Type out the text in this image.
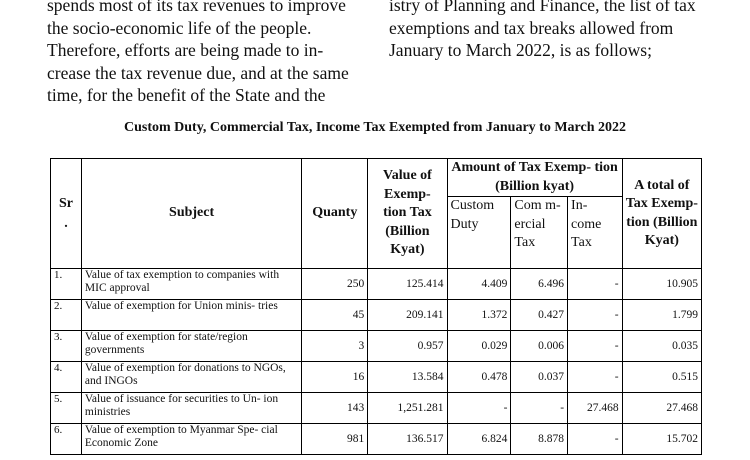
spends most of its tax revenues to improve

the socio-economic life of the people.

Therefore, efforts are being made to in-

crease the tax revenue due, and at the same

time, for the benefit of the State and the

istry of Planning and Finance, the list of tax

exemptions and tax breaks allowed from

January to March 2022, is as follows;

Custom Duty, Commercial Tax, Income Tax Exempted from January to March 2022
Sr
.	Subject	Quanty	Value of Exemp- tion Tax (Billion Kyat)	Amount of Tax Exemp- tion (Billion kyat)			A total of Tax Exemp- tion (Billion Kyat)
				Custom Duty	Com m- ercial Tax	In- come Tax	
1.	Value of tax exemption to companies with MIC approval	250	125.414	4.409	6.496	-	10.905
2.	Value of exemption for Union minis- tries	45	209.141	1.372	0.427	-	1.799
3.	Value of exemption for state/region governments	3	0.957	0.029	0.006	-	0.035
4.	Value of exemption for donations to NGOs, and INGOs	16	13.584	0.478	0.037	-	0.515
5.	Value of issuance for securities to Un- ion ministries	143	1,251.281	-	-	27.468	27.468
6.	Value of exemption to Myanmar Spe- cial Economic Zone	981	136.517	6.824	8.878	-	15.702
